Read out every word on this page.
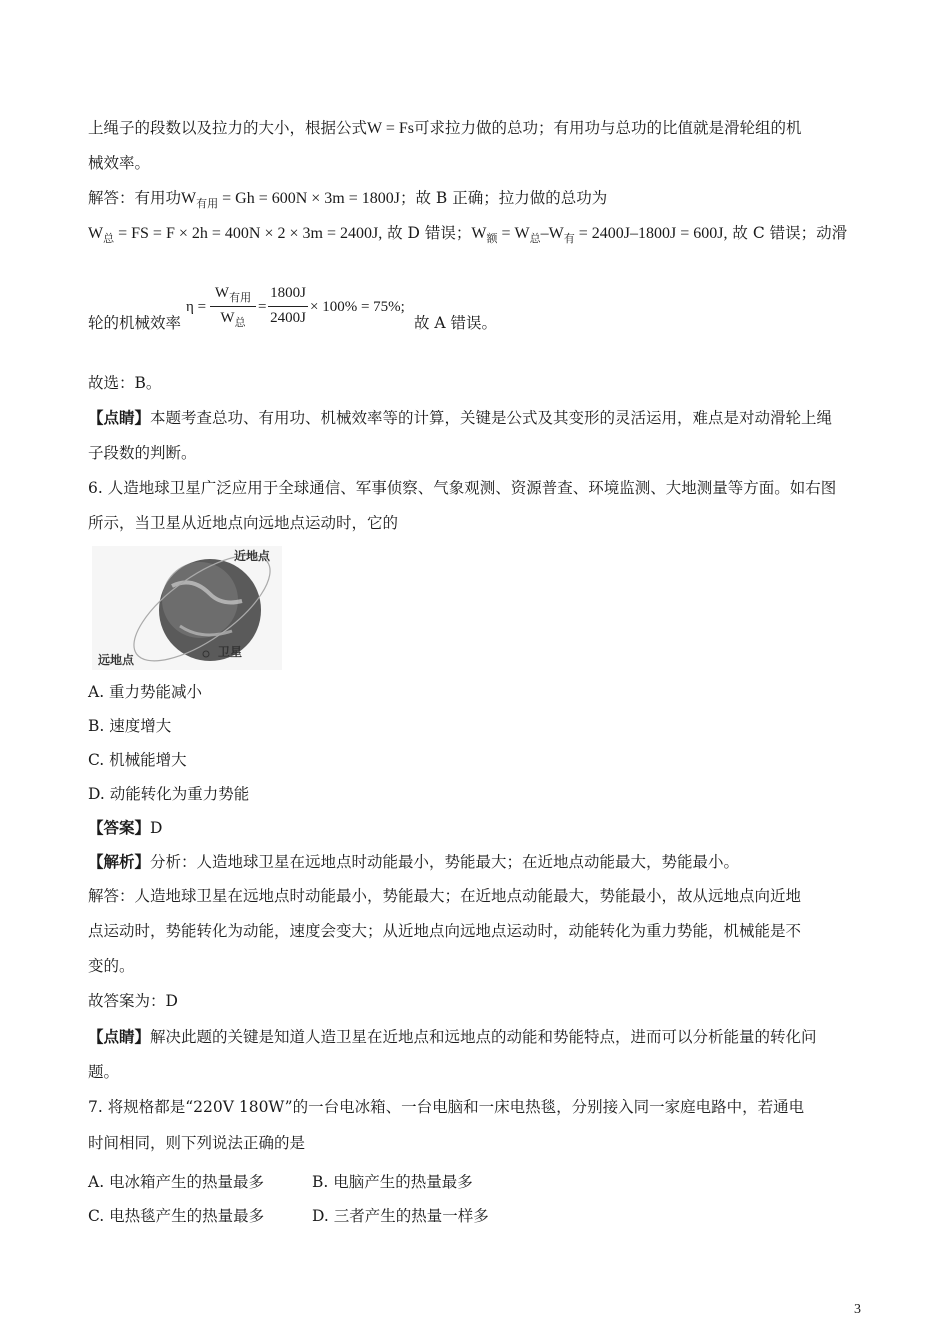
上绳子的段数以及拉力的大小，根据公式W = Fs可求拉力做的总功；有用功与总功的比值就是滑轮组的机
械效率。
解答：有用功$W_{有用} = Gh = 600N \times 3m = 1800J$；故 B 正确；拉力做的总功为
$W_总$ = FS = F × 2h = 400N × 2 × 3m = 2400J, 故 D 错误；$W_额 = W_总-W_有 = 2400J-1800J = 600J$, 故 C 错误；动滑
轮的机械效率
η =
$W_{有用}$
$W_总$
=
1800J
2400J
× 100% = 75%;
故 A 错误。
故选：B。
【点睛】本题考查总功、有用功、机械效率等的计算，关键是公式及其变形的灵活运用，难点是对动滑轮上绳
子段数的判断。
6. 人造地球卫星广泛应用于全球通信、军事侦察、气象观测、资源普查、环境监测、大地测量等方面。如右图
所示，当卫星从近地点向远地点运动时，它的
近地点
卫星
远地点
A. 重力势能减小
B. 速度增大
C. 机械能增大
D. 动能转化为重力势能
【答案】D
【解析】分析：人造地球卫星在远地点时动能最小，势能最大；在近地点动能最大，势能最小。
解答：人造地球卫星在远地点时动能最小，势能最大；在近地点动能最大，势能最小，故从远地点向近地
点运动时，势能转化为动能，速度会变大；从近地点向远地点运动时，动能转化为重力势能，机械能是不
变的。
故答案为：D
【点睛】解决此题的关键是知道人造卫星在近地点和远地点的动能和势能特点，进而可以分析能量的转化问
题。
7. 将规格都是“220V 180W”的一台电冰箱、一台电脑和一床电热毯，分别接入同一家庭电路中，若通电
时间相同，则下列说法正确的是
A. 电冰箱产生的热量最多	B. 电脑产生的热量最多
C. 电热毯产生的热量最多	D. 三者产生的热量一样多
3
